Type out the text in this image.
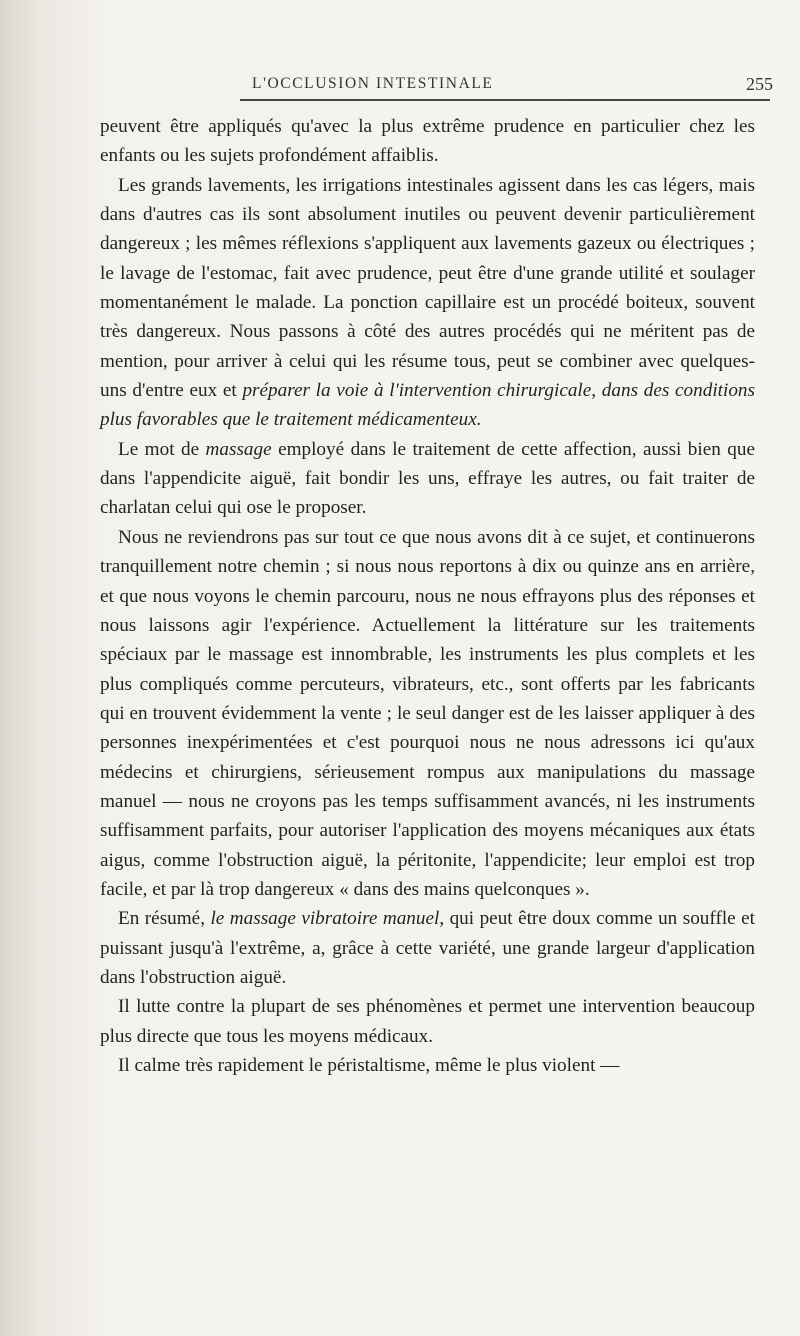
L'OCCLUSION INTESTINALE	255

peuvent être appliqués qu'avec la plus extrême prudence en particulier chez les enfants ou les sujets profondément affaiblis.

Les grands lavements, les irrigations intestinales agissent dans les cas légers, mais dans d'autres cas ils sont absolument inutiles ou peuvent devenir particulièrement dangereux ; les mêmes réflexions s'appliquent aux lavements gazeux ou électriques ; le lavage de l'estomac, fait avec prudence, peut être d'une grande utilité et soulager momentanément le malade. La ponction capillaire est un procédé boiteux, souvent très dangereux. Nous passons à côté des autres procédés qui ne méritent pas de mention, pour arriver à celui qui les résume tous, peut se combiner avec quelques-uns d'entre eux et préparer la voie à l'intervention chirurgicale, dans des conditions plus favorables que le traitement médicamenteux.

Le mot de massage employé dans le traitement de cette affection, aussi bien que dans l'appendicite aiguë, fait bondir les uns, effraye les autres, ou fait traiter de charlatan celui qui ose le proposer.

Nous ne reviendrons pas sur tout ce que nous avons dit à ce sujet, et continuerons tranquillement notre chemin ; si nous nous reportons à dix ou quinze ans en arrière, et que nous voyons le chemin parcouru, nous ne nous effrayons plus des réponses et nous laissons agir l'expérience. Actuellement la littérature sur les traitements spéciaux par le massage est innombrable, les instruments les plus complets et les plus compliqués comme percuteurs, vibrateurs, etc., sont offerts par les fabricants qui en trouvent évidemment la vente ; le seul danger est de les laisser appliquer à des personnes inexpérimentées et c'est pourquoi nous ne nous adressons ici qu'aux médecins et chirurgiens, sérieusement rompus aux manipulations du massage manuel — nous ne croyons pas les temps suffisamment avancés, ni les instruments suffisamment parfaits, pour autoriser l'application des moyens mécaniques aux états aigus, comme l'obstruction aiguë, la péritonite, l'appendicite; leur emploi est trop facile, et par là trop dangereux « dans des mains quelconques ».

En résumé, le massage vibratoire manuel, qui peut être doux comme un souffle et puissant jusqu'à l'extrême, a, grâce à cette variété, une grande largeur d'application dans l'obstruction aiguë.

Il lutte contre la plupart de ses phénomènes et permet une intervention beaucoup plus directe que tous les moyens médicaux.

Il calme très rapidement le péristaltisme, même le plus violent —
